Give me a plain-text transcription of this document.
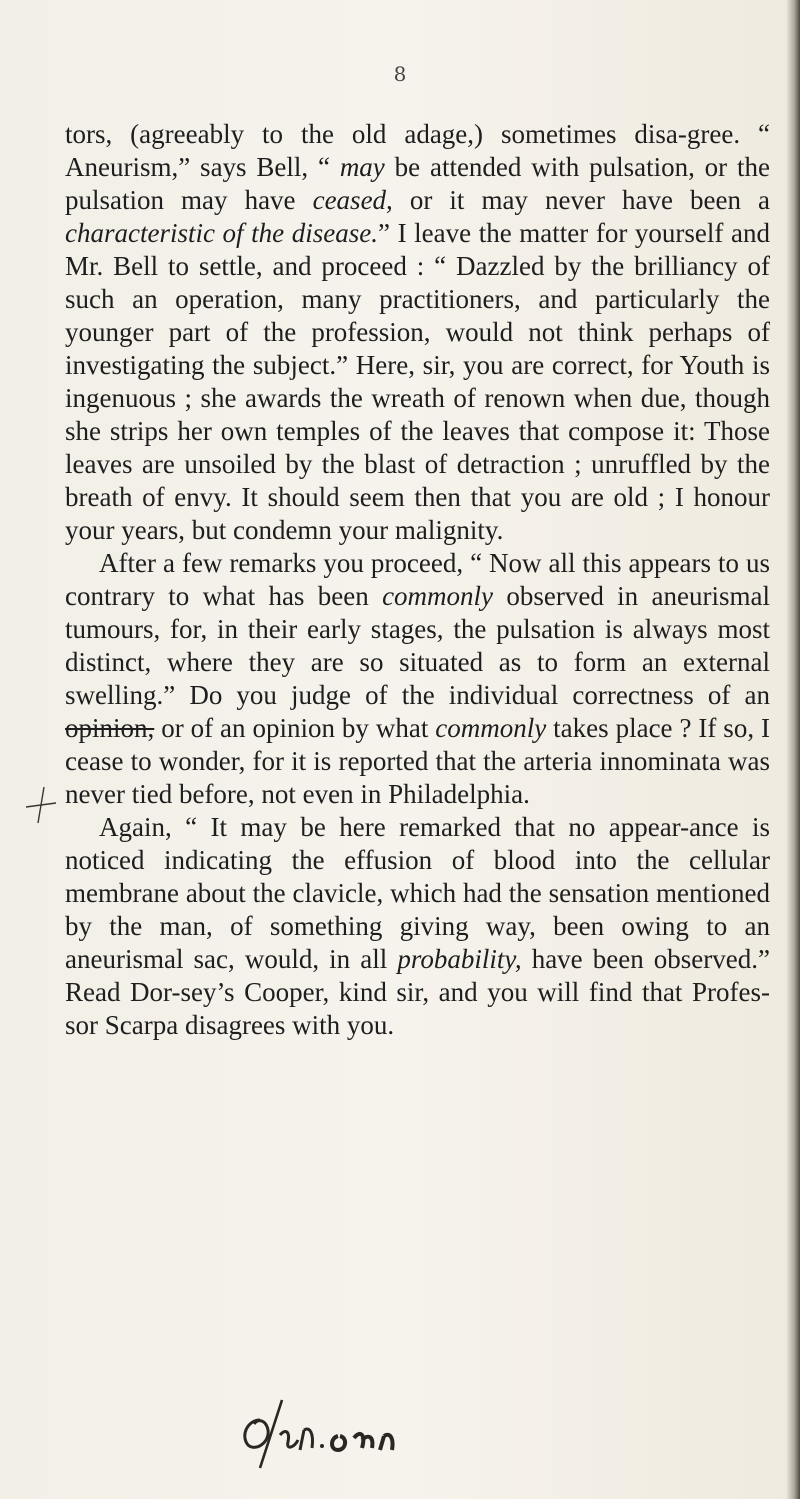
8

tors, (agreeably to the old adage,) sometimes disa-gree. “ Aneurism,” says Bell, “ may be attended with pulsation, or the pulsation may have ceased, or it may never have been a characteristic of the disease.” I leave the matter for yourself and Mr. Bell to settle, and proceed : “ Dazzled by the brilliancy of such an operation, many practitioners, and particularly the younger part of the profession, would not think perhaps of investigating the subject.” Here, sir, you are correct, for Youth is ingenuous ; she awards the wreath of renown when due, though she strips her own temples of the leaves that compose it: Those leaves are unsoiled by the blast of detraction ; unruffled by the breath of envy. It should seem then that you are old ; I honour your years, but condemn your malignity.

After a few remarks you proceed, “ Now all this appears to us contrary to what has been commonly observed in aneurismal tumours, for, in their early stages, the pulsation is always most distinct, where they are so situated as to form an external swelling.” Do you judge of the individual correctness of an opinion, or of an opinion by what commonly takes place ? If so, I cease to wonder, for it is reported that the arteria innominata was never tied before, not even in Philadelphia.

Again, “ It may be here remarked that no appear-ance is noticed indicating the effusion of blood into the cellular membrane about the clavicle, which had the sensation mentioned by the man, of something giving way, been owing to an aneurismal sac, would, in all probability, have been observed.” Read Dor-sey’s Cooper, kind sir, and you will find that Profes-sor Scarpa disagrees with you.
